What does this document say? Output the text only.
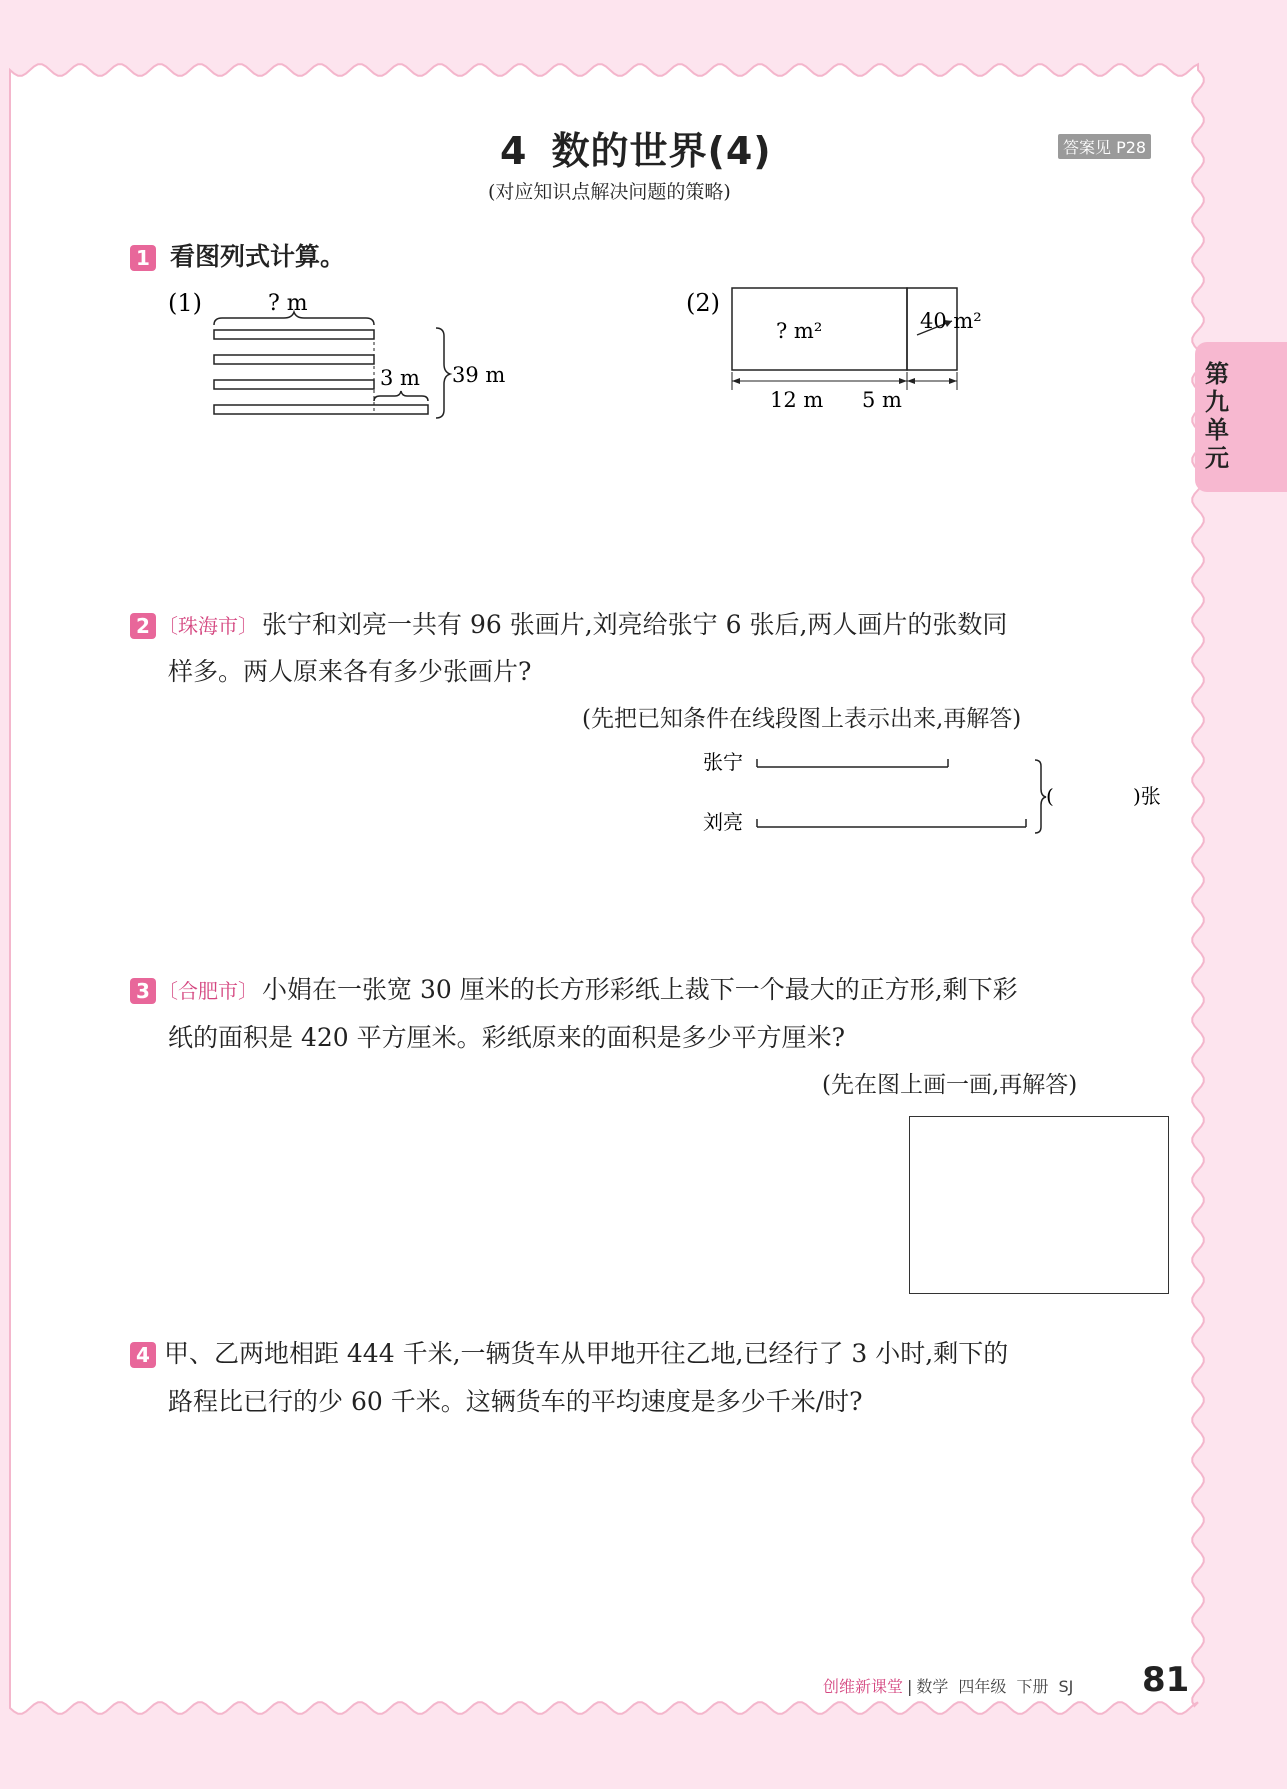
第九单元
4 数的世界(4)	答案见 P28
(对应知识点解决问题的策略)
1 看图列式计算。
(1)	? m
3 m 39 m
(2)
? m²	40 m²
12 m 5 m
2 〔珠海市〕 张宁和刘亮一共有 96 张画片,刘亮给张宁 6 张后,两人画片的张数同
样多。两人原来各有多少张画片?
(先把已知条件在线段图上表示出来,再解答)
张宁
刘亮
(	)张
3 〔合肥市〕 小娟在一张宽 30 厘米的长方形彩纸上裁下一个最大的正方形,剩下彩
纸的面积是 420 平方厘米。彩纸原来的面积是多少平方厘米?
(先在图上画一画,再解答)
4 甲、乙两地相距 444 千米,一辆货车从甲地开往乙地,已经行了 3 小时,剩下的
路程比已行的少 60 千米。这辆货车的平均速度是多少千米/时?
创维新课堂 | 数学 四年级 下册 SJ 81
